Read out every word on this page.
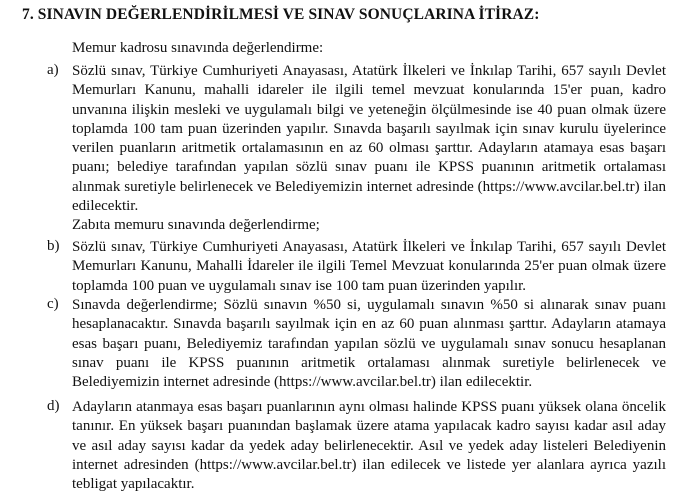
7. SINAVIN DEĞERLENDİRİLMESİ VE SINAV SONUÇLARINA İTİRAZ:
Memur kadrosu sınavında değerlendirme:
a) Sözlü sınav, Türkiye Cumhuriyeti Anayasası, Atatürk İlkeleri ve İnkılap Tarihi, 657 sayılı Devlet Memurları Kanunu, mahalli idareler ile ilgili temel mevzuat konularında 15'er puan, kadro unvanına ilişkin mesleki ve uygulamalı bilgi ve yeteneğin ölçülmesinde ise 40 puan olmak üzere toplamda 100 tam puan üzerinden yapılır. Sınavda başarılı sayılmak için sınav kurulu üyelerince verilen puanların aritmetik ortalamasının en az 60 olması şarttır. Adayların atamaya esas başarı puanı; belediye tarafından yapılan sözlü sınav puanı ile KPSS puanının aritmetik ortalaması alınmak suretiyle belirlenecek ve Belediyemizin internet adresinde (https://www.avcilar.bel.tr) ilan edilecektir.

Zabıta memuru sınavında değerlendirme;
b) Sözlü sınav, Türkiye Cumhuriyeti Anayasası, Atatürk İlkeleri ve İnkılap Tarihi, 657 sayılı Devlet Memurları Kanunu, Mahalli İdareler ile ilgili Temel Mevzuat konularında 25'er puan olmak üzere toplamda 100 puan ve uygulamalı sınav ise 100 tam puan üzerinden yapılır.

c) Sınavda değerlendirme; Sözlü sınavın %50 si, uygulamalı sınavın %50 si alınarak sınav puanı hesaplanacaktır. Sınavda başarılı sayılmak için en az 60 puan alınması şarttır. Adayların atamaya esas başarı puanı, Belediyemiz tarafından yapılan sözlü ve uygulamalı sınav sonucu hesaplanan sınav puanı ile KPSS puanının aritmetik ortalaması alınmak suretiyle belirlenecek ve Belediyemizin internet adresinde (https://www.avcilar.bel.tr) ilan edilecektir.

d) Adayların atanmaya esas başarı puanlarının aynı olması halinde KPSS puanı yüksek olana öncelik tanınır. En yüksek başarı puanından başlamak üzere atama yapılacak kadro sayısı kadar asıl aday ve asıl aday sayısı kadar da yedek aday belirlenecektir. Asıl ve yedek aday listeleri Belediyenin internet adresinden (https://www.avcilar.bel.tr) ilan edilecek ve listede yer alanlara ayrıca yazılı tebligat yapılacaktır.
